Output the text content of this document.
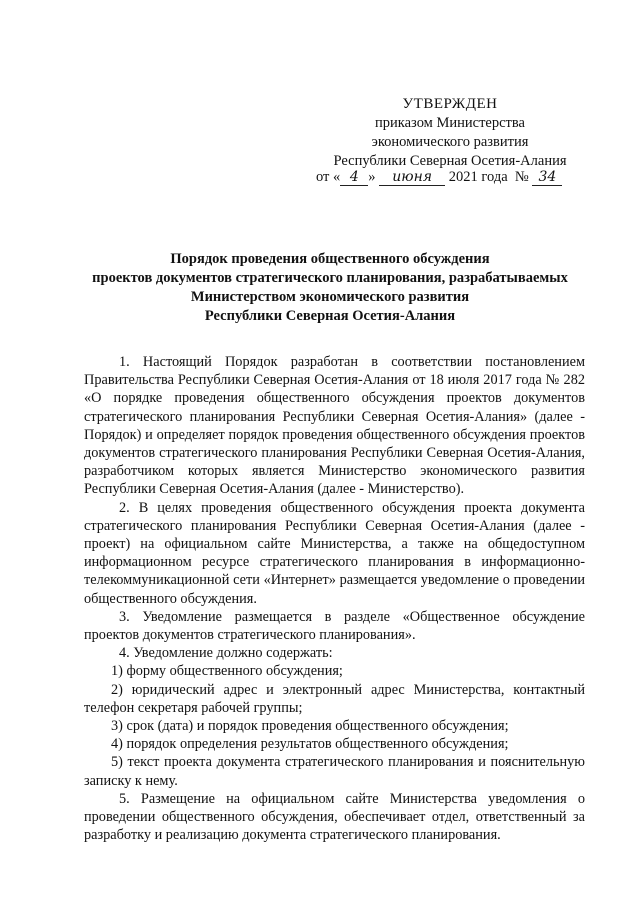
УТВЕРЖДЕН
приказом Министерства
экономического развития
Республики Северная Осетия-Алания
от « 4 » июня 2021 года № 34
Порядок проведения общественного обсуждения
проектов документов стратегического планирования, разрабатываемых
Министерством экономического развития
Республики Северная Осетия-Алания

1. Настоящий Порядок разработан в соответствии постановлением Правительства Республики Северная Осетия-Алания от 18 июля 2017 года № 282 «О порядке проведения общественного обсуждения проектов документов стратегического планирования Республики Северная Осетия-Алания» (далее - Порядок) и определяет порядок проведения общественного обсуждения проектов документов стратегического планирования Республики Северная Осетия-Алания, разработчиком которых является Министерство экономического развития Республики Северная Осетия-Алания (далее - Министерство).

2. В целях проведения общественного обсуждения проекта документа стратегического планирования Республики Северная Осетия-Алания (далее - проект) на официальном сайте Министерства, а также на общедоступном информационном ресурсе стратегического планирования в информационно-телекоммуникационной сети «Интернет» размещается уведомление о проведении общественного обсуждения.

3. Уведомление размещается в разделе «Общественное обсуждение проектов документов стратегического планирования».

4. Уведомление должно содержать:

1) форму общественного обсуждения;

2) юридический адрес и электронный адрес Министерства, контактный телефон секретаря рабочей группы;

3) срок (дата) и порядок проведения общественного обсуждения;

4) порядок определения результатов общественного обсуждения;

5) текст проекта документа стратегического планирования и пояснительную записку к нему.

5. Размещение на официальном сайте Министерства уведомления о проведении общественного обсуждения, обеспечивает отдел, ответственный за разработку и реализацию документа стратегического планирования.
